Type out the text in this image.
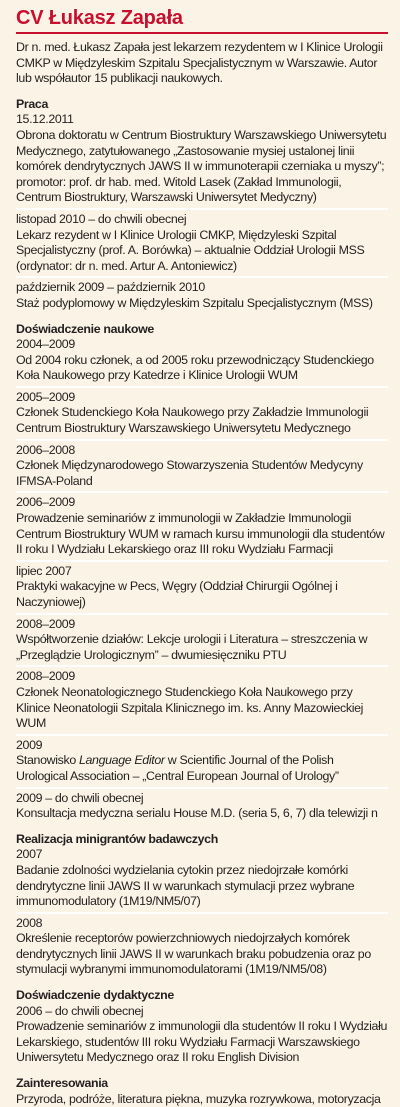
CV Łukasz Zapała
Dr n. med. Łukasz Zapała jest lekarzem rezydentem w I Klinice Urologii CMKP w Międzyleskim Szpitalu Specjalistycznym w Warszawie. Autor lub współautor 15 publikacji naukowych.
Praca
15.12.2011
Obrona doktoratu w Centrum Biostruktury Warszawskiego Uniwersytetu Medycznego, zatytułowanego „Zastosowanie mysiej ustalonej linii komórek dendrytycznych JAWS II w immunoterapii czerniaka u myszy”; promotor: prof. dr hab. med. Witold Lasek (Zakład Immunologii, Centrum Biostruktury, Warszawski Uniwersytet Medyczny)
listopad 2010 – do chwili obecnej
Lekarz rezydent w I Klinice Urologii CMKP, Międzyleski Szpital Specjalistyczny (prof. A. Borówka) – aktualnie Oddział Urologii MSS (ordynator: dr n. med. Artur A. Antoniewicz)
październik 2009 – październik 2010
Staż podyplomowy w Międzyleskim Szpitalu Specjalistycznym (MSS)
Doświadczenie naukowe
2004–2009
Od 2004 roku członek, a od 2005 roku przewodniczący Studenckiego Koła Naukowego przy Katedrze i Klinice Urologii WUM
2005–2009
Członek Studenckiego Koła Naukowego przy Zakładzie Immunologii Centrum Biostruktury Warszawskiego Uniwersytetu Medycznego
2006–2008
Członek Międzynarodowego Stowarzyszenia Studentów Medycyny IFMSA-Poland
2006–2009
Prowadzenie seminariów z immunologii w Zakładzie Immunologii Centrum Biostruktury WUM w ramach kursu immunologii dla studentów II roku I Wydziału Lekarskiego oraz III roku Wydziału Farmacji
lipiec 2007
Praktyki wakacyjne w Pecs, Węgry (Oddział Chirurgii Ogólnej i Naczyniowej)
2008–2009
Współtworzenie działów: Lekcje urologii i Literatura – streszczenia w „Przeglądzie Urologicznym” – dwumiesięczniku PTU
2008–2009
Członek Neonatologicznego Studenckiego Koła Naukowego przy Klinice Neonatologii Szpitala Klinicznego im. ks. Anny Mazowieckiej WUM
2009
Stanowisko Language Editor w Scientific Journal of the Polish Urological Association – „Central European Journal of Urology”
2009 – do chwili obecnej
Konsultacja medyczna serialu House M.D. (seria 5, 6, 7) dla telewizji n
Realizacja minigrantów badawczych
2007
Badanie zdolności wydzielania cytokin przez niedojrzałe komórki dendrytyczne linii JAWS II w warunkach stymulacji przez wybrane immunomodulatory (1M19/NM5/07)
2008
Określenie receptorów powierzchniowych niedojrzałych komórek dendrytycznych linii JAWS II w warunkach braku pobudzenia oraz po stymulacji wybranymi immunomodulatorami (1M19/NM5/08)
Doświadczenie dydaktyczne
2006 – do chwili obecnej
Prowadzenie seminariów z immunologii dla studentów II roku I Wydziału Lekarskiego, studentów III roku Wydziału Farmacji Warszawskiego Uniwersytetu Medycznego oraz II roku English Division
Zainteresowania
Przyroda, podróże, literatura piękna, muzyka rozrywkowa, motoryzacja
